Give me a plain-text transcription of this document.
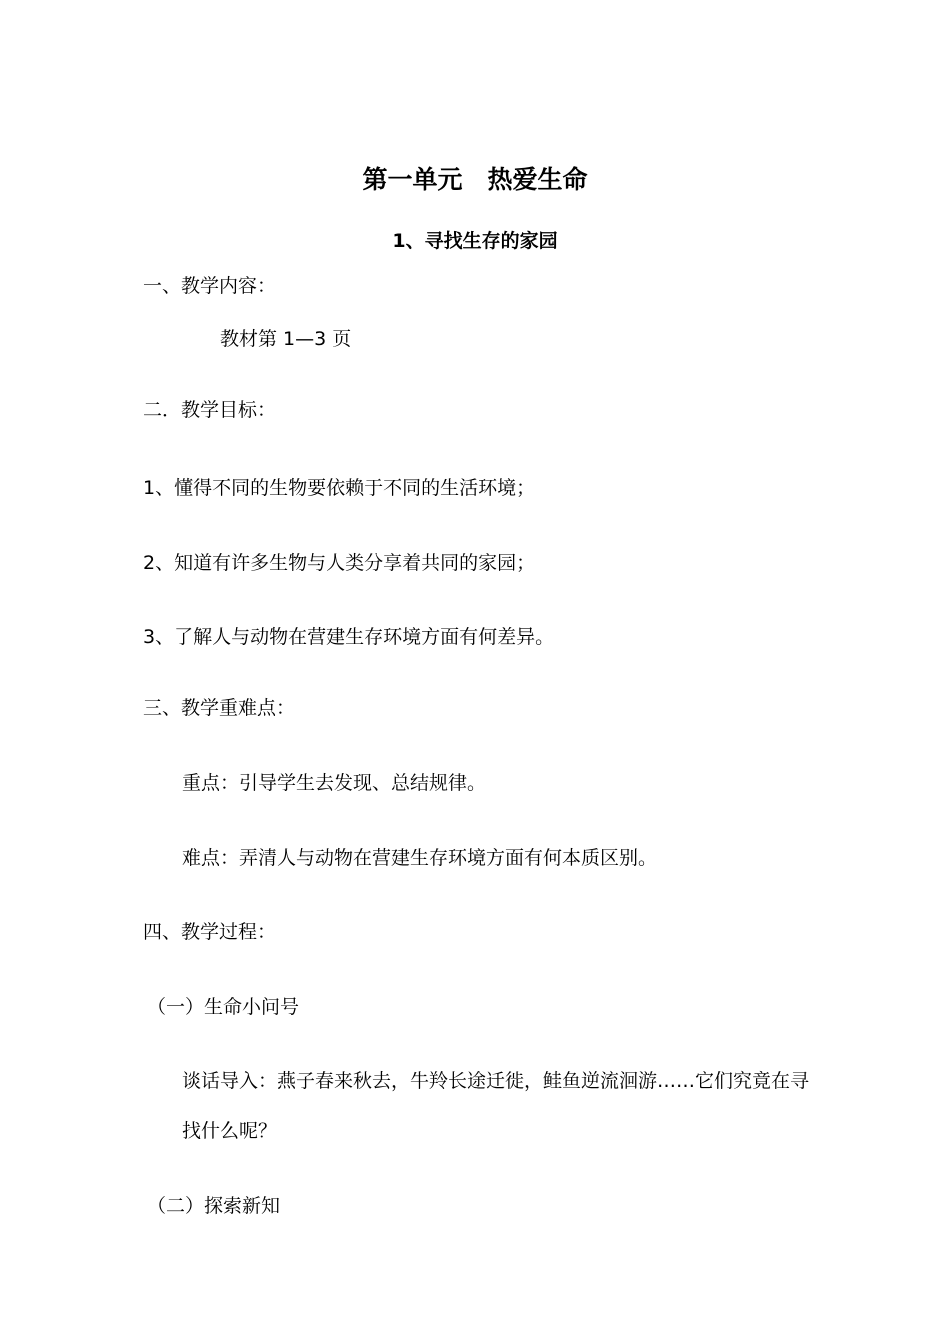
第一单元　热爱生命
1、寻找生存的家园
一、教学内容：
教材第 1—3 页
二．教学目标：
1、懂得不同的生物要依赖于不同的生活环境；
2、知道有许多生物与人类分享着共同的家园；
3、了解人与动物在营建生存环境方面有何差异。
三、教学重难点：
重点：引导学生去发现、总结规律。
难点：弄清人与动物在营建生存环境方面有何本质区别。
四、教学过程：
（一）生命小问号
谈话导入：燕子春来秋去，牛羚长途迁徙，鲑鱼逆流洄游……它们究竟在寻
找什么呢？
（二）探索新知
